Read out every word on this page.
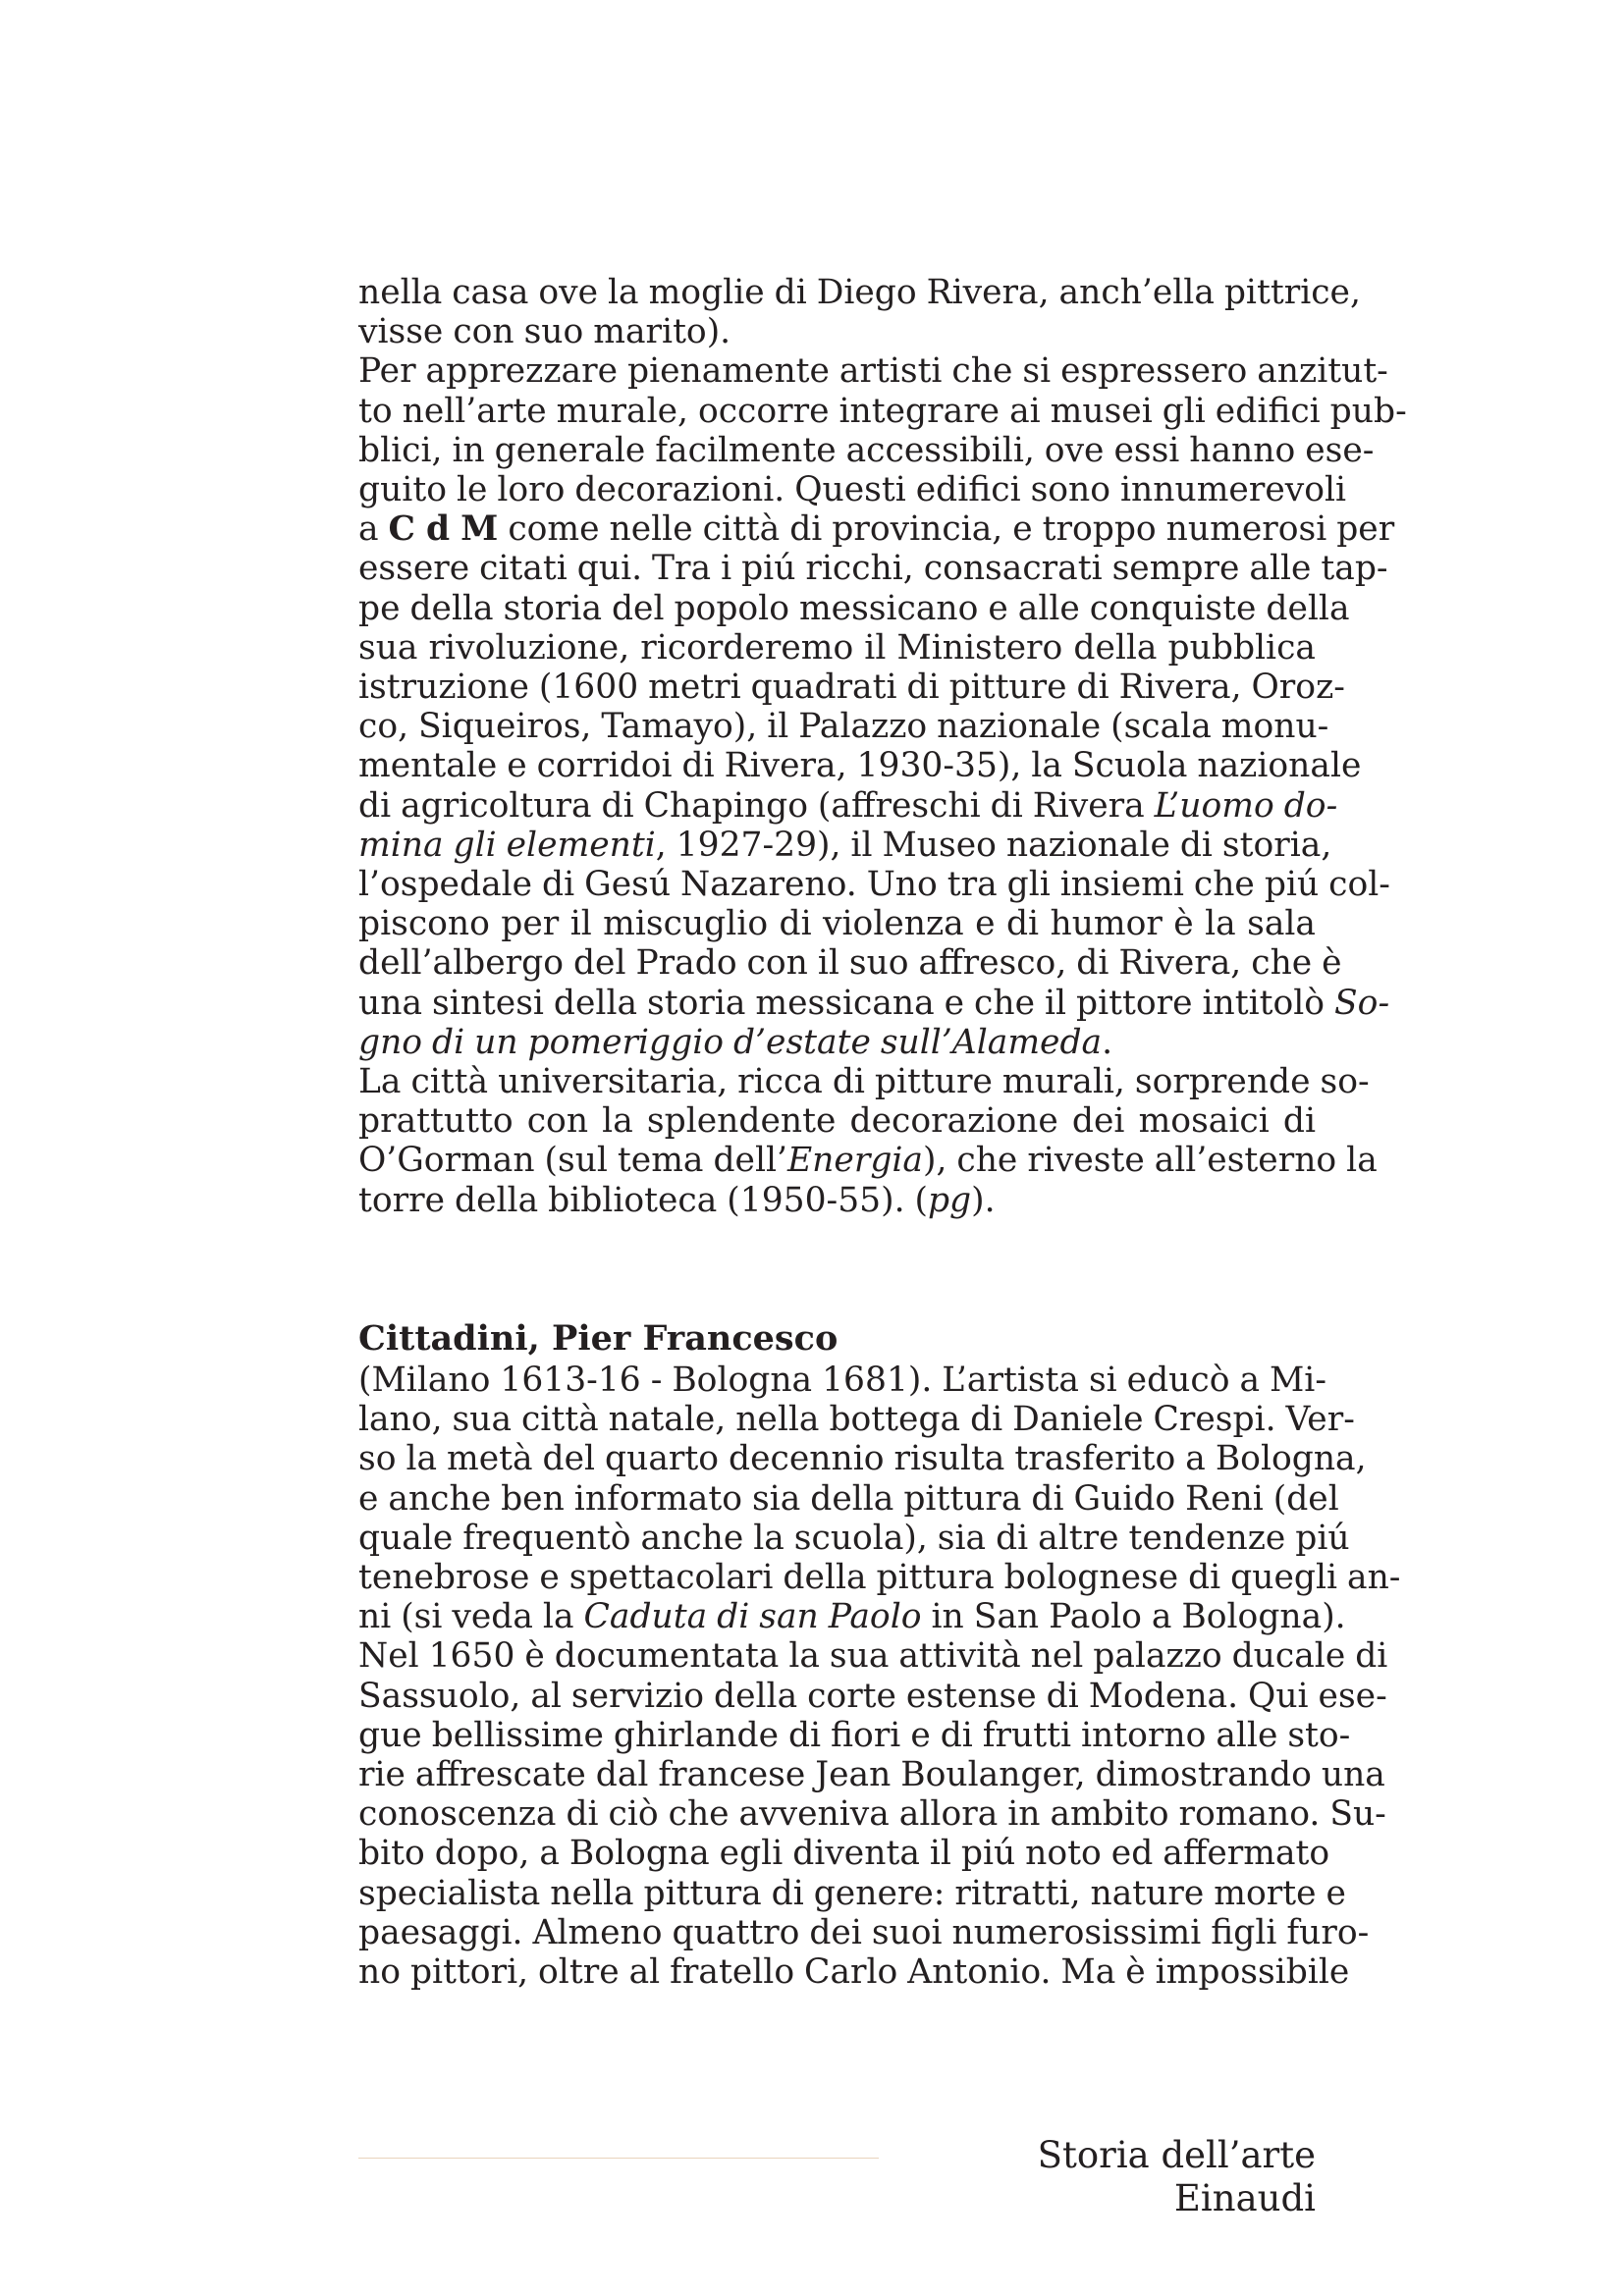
nella casa ove la moglie di Diego Rivera, anch’ella pittrice,
visse con suo marito).
Per apprezzare pienamente artisti che si espressero anzitut-
to nell’arte murale, occorre integrare ai musei gli edifici pub-
blici, in generale facilmente accessibili, ove essi hanno ese-
guito le loro decorazioni. Questi edifici sono innumerevoli
a C d M come nelle città di provincia, e troppo numerosi per
essere citati qui. Tra i piú ricchi, consacrati sempre alle tap-
pe della storia del popolo messicano e alle conquiste della
sua rivoluzione, ricorderemo il Ministero della pubblica
istruzione (1600 metri quadrati di pitture di Rivera, Oroz-
co, Siqueiros, Tamayo), il Palazzo nazionale (scala monu-
mentale e corridoi di Rivera, 1930-35), la Scuola nazionale
di agricoltura di Chapingo (affreschi di Rivera L’uomo do-
mina gli elementi, 1927-29), il Museo nazionale di storia,
l’ospedale di Gesú Nazareno. Uno tra gli insiemi che piú col-
piscono per il miscuglio di violenza e di humor è la sala
dell’albergo del Prado con il suo affresco, di Rivera, che è
una sintesi della storia messicana e che il pittore intitolò So-
gno di un pomeriggio d’estate sull’Alameda.
La città universitaria, ricca di pitture murali, sorprende so-
prattutto con la splendente decorazione dei mosaici di
O’Gorman (sul tema dell’Energia), che riveste all’esterno la
torre della biblioteca (1950-55). (pg).
Cittadini, Pier Francesco
(Milano 1613-16 - Bologna 1681). L’artista si educò a Mi-
lano, sua città natale, nella bottega di Daniele Crespi. Ver-
so la metà del quarto decennio risulta trasferito a Bologna,
e anche ben informato sia della pittura di Guido Reni (del
quale frequentò anche la scuola), sia di altre tendenze piú
tenebrose e spettacolari della pittura bolognese di quegli an-
ni (si veda la Caduta di san Paolo in San Paolo a Bologna).
Nel 1650 è documentata la sua attività nel palazzo ducale di
Sassuolo, al servizio della corte estense di Modena. Qui ese-
gue bellissime ghirlande di fiori e di frutti intorno alle sto-
rie affrescate dal francese Jean Boulanger, dimostrando una
conoscenza di ciò che avveniva allora in ambito romano. Su-
bito dopo, a Bologna egli diventa il piú noto ed affermato
specialista nella pittura di genere: ritratti, nature morte e
paesaggi. Almeno quattro dei suoi numerosissimi figli furo-
no pittori, oltre al fratello Carlo Antonio. Ma è impossibile
Storia dell’arte Einaudi
